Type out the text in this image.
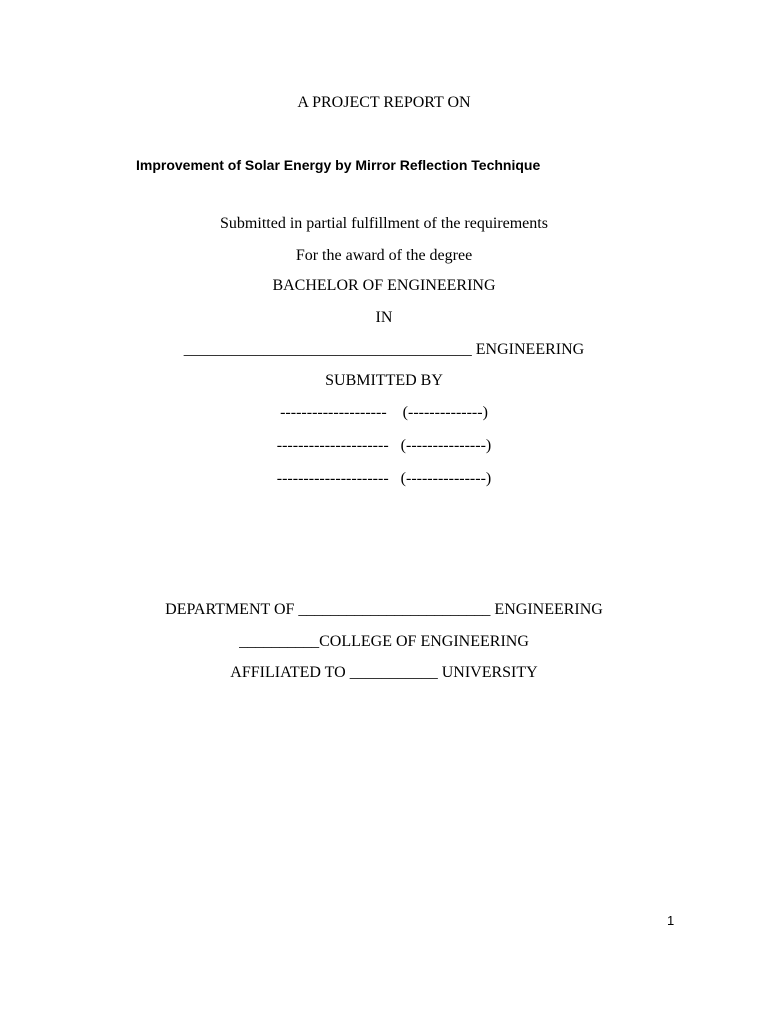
A PROJECT REPORT ON
Improvement of Solar Energy by Mirror Reflection Technique
Submitted in partial fulfillment of the requirements
For the award of the degree
BACHELOR OF ENGINEERING
IN
____________________________________ ENGINEERING
SUBMITTED BY
--------------------    (--------------)
---------------------   (---------------)
---------------------   (---------------)
DEPARTMENT OF ________________________ ENGINEERING
__________COLLEGE OF ENGINEERING
AFFILIATED TO ___________ UNIVERSITY
1
